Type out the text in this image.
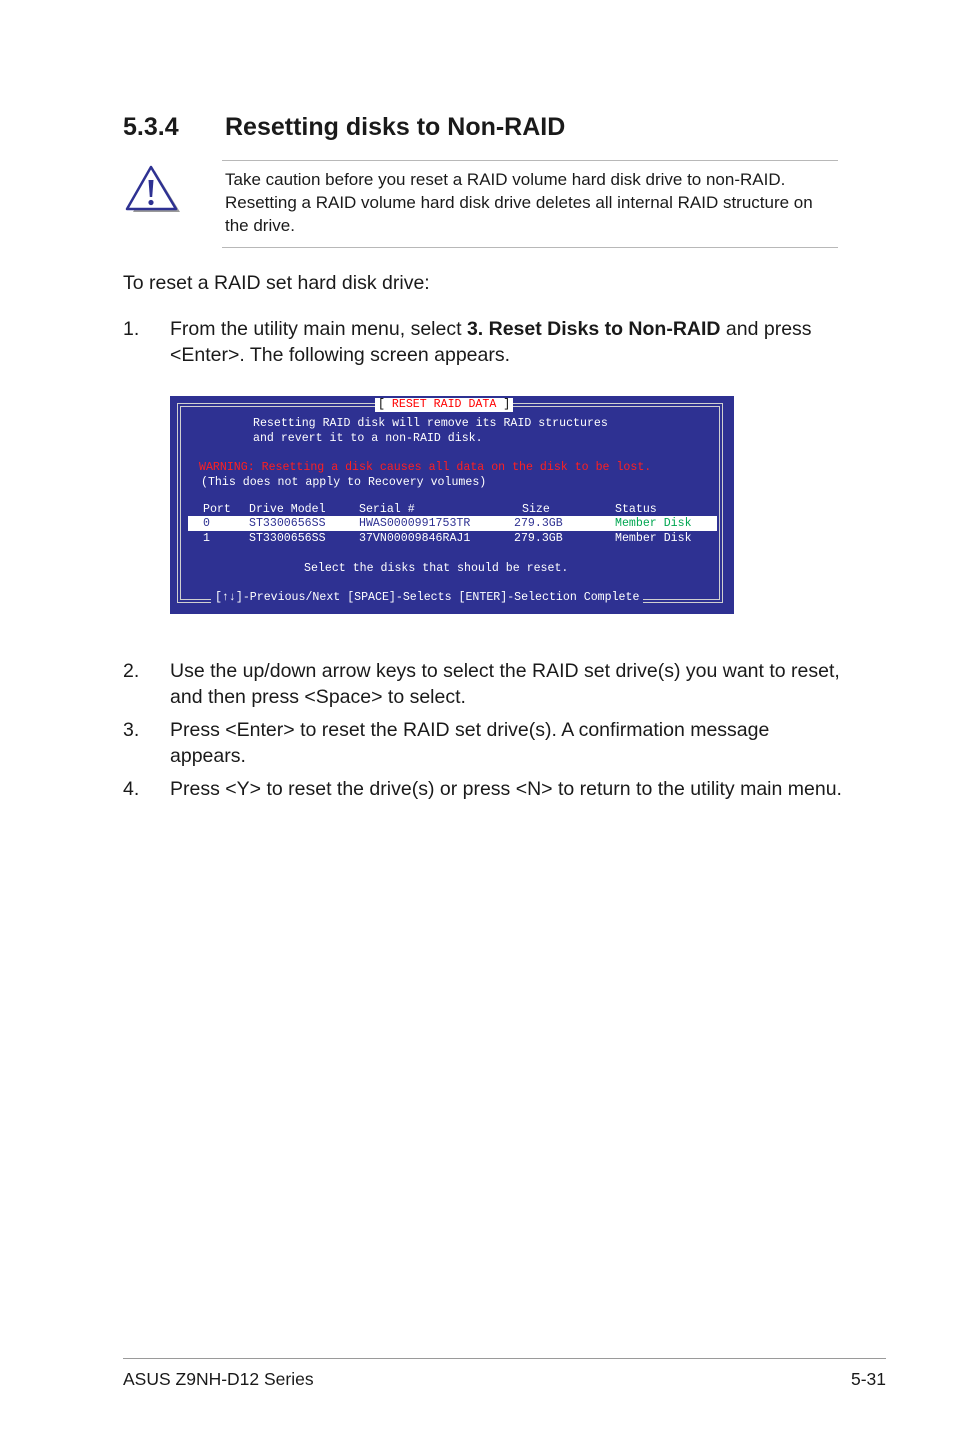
5.3.4 Resetting disks to Non-RAID

Take caution before you reset a RAID volume hard disk drive to non-RAID. Resetting a RAID volume hard disk drive deletes all internal RAID structure on the drive.

To reset a RAID set hard disk drive:

1. From the utility main menu, select 3. Reset Disks to Non-RAID and press <Enter>. The following screen appears.
[ RESET RAID DATA ]
Resetting RAID disk will remove its RAID structures
and revert it to a non-RAID disk.
WARNING: Resetting a disk causes all data on the disk to be lost.
(This does not apply to Recovery volumes)
Port Drive Model	Serial #	Size	Status
0	ST3300656SS	HWAS0000991753TR	279.3GB	Member Disk
1	ST3300656SS	37VN00009846RAJ1	279.3GB	Member Disk
Select the disks that should be reset.
[↑↓]-Previous/Next [SPACE]-Selects [ENTER]-Selection Complete
2. Use the up/down arrow keys to select the RAID set drive(s) you want to reset, and then press <Space> to select.
3. Press <Enter> to reset the RAID set drive(s). A confirmation message appears.
4. Press <Y> to reset the drive(s) or press <N> to return to the utility main menu.
ASUS Z9NH-D12 Series	5-31
